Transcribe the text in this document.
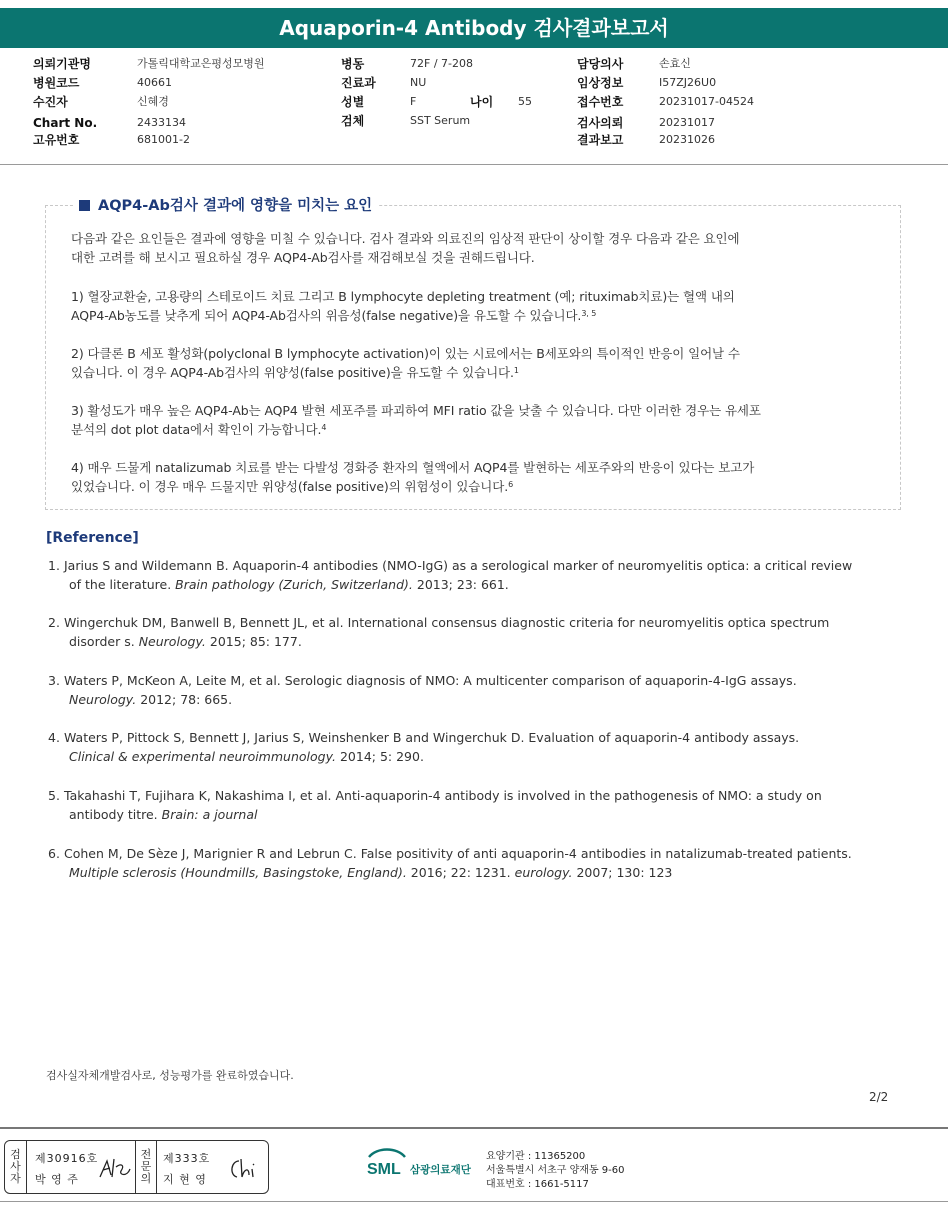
Aquaporin-4 Antibody 검사결과보고서
의뢰기관명	가톨릭대학교은평성모병원
병원코드	40661
수진자	신혜경
Chart No.	2433134
고유번호	681001-2
병동	72F / 7-208
진료과	NU
성별	F	나이 55
검체	SST Serum
담당의사	손효신
임상정보	I57ZJ26U0
접수번호	20231017-04524
검사의뢰	20231017
결과보고	20231026
AQP4-Ab검사 결과에 영향을 미치는 요인
다음과 같은 요인들은 결과에 영향을 미칠 수 있습니다. 검사 결과와 의료진의 임상적 판단이 상이할 경우 다음과 같은 요인에
대한 고려를 해 보시고 필요하실 경우 AQP4-Ab검사를 재검해보실 것을 권해드립니다.
1) 혈장교환술, 고용량의 스테로이드 치료 그리고 B lymphocyte depleting treatment (예; rituximab치료)는 혈액 내의
AQP4-Ab농도를 낮추게 되어 AQP4-Ab검사의 위음성(false negative)을 유도할 수 있습니다.$^{3, 5}$
2) 다클론 B 세포 활성화(polyclonal B lymphocyte activation)이 있는 시료에서는 B세포와의 특이적인 반응이 일어날 수
있습니다. 이 경우 AQP4-Ab검사의 위양성(false positive)을 유도할 수 있습니다.$^1$
3) 활성도가 매우 높은 AQP4-Ab는 AQP4 발현 세포주를 파괴하여 MFI ratio 값을 낮출 수 있습니다. 다만 이러한 경우는 유세포
분석의 dot plot data에서 확인이 가능합니다.$^4$
4) 매우 드물게 natalizumab 치료를 받는 다발성 경화증 환자의 혈액에서 AQP4를 발현하는 세포주와의 반응이 있다는 보고가
있었습니다. 이 경우 매우 드물지만 위양성(false positive)의 위험성이 있습니다.$^6$
[Reference]
1. Jarius S and Wildemann B. Aquaporin-4 antibodies (NMO-IgG) as a serological marker of neuromyelitis optica: a critical review
of the literature. Brain pathology (Zurich, Switzerland). 2013; 23: 661.
2. Wingerchuk DM, Banwell B, Bennett JL, et al. International consensus diagnostic criteria for neuromyelitis optica spectrum
disorder s. Neurology. 2015; 85: 177.
3. Waters P, McKeon A, Leite M, et al. Serologic diagnosis of NMO: A multicenter comparison of aquaporin-4-IgG assays.
Neurology. 2012; 78: 665.
4. Waters P, Pittock S, Bennett J, Jarius S, Weinshenker B and Wingerchuk D. Evaluation of aquaporin-4 antibody assays.
Clinical & experimental neuroimmunology. 2014; 5: 290.
5. Takahashi T, Fujihara K, Nakashima I, et al. Anti-aquaporin-4 antibody is involved in the pathogenesis of NMO: a study on
antibody titre. Brain: a journal
6. Cohen M, De Sèze J, Marignier R and Lebrun C. False positivity of anti aquaporin-4 antibodies in natalizumab-treated patients.
Multiple sclerosis (Houndmills, Basingstoke, England). 2016; 22: 1231. eurology. 2007; 130: 123
검사실자체개발검사로, 성능평가를 완료하였습니다.
2/2
검
사
자
제30916호
박 영 주
전
문
의
제333호
지 현 영
SML 삼광의료재단
요양기관 : 11365200
서울특별시 서초구 양재동 9-60
대표번호 : 1661-5117
